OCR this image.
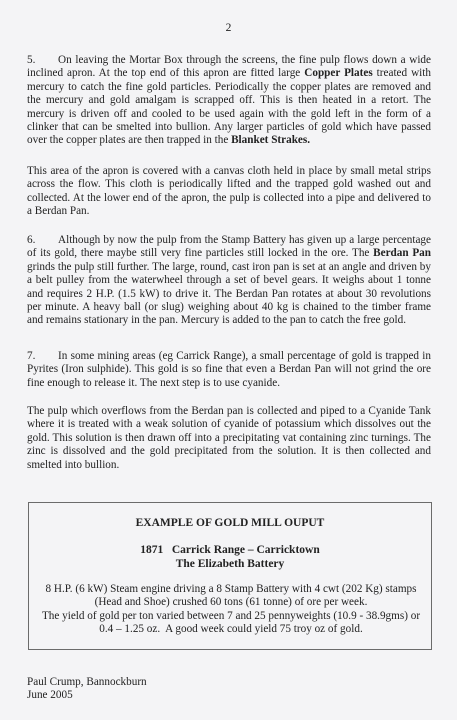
2

5. On leaving the Mortar Box through the screens, the fine pulp flows down a wide inclined apron. At the top end of this apron are fitted large Copper Plates treated with mercury to catch the fine gold particles. Periodically the copper plates are removed and the mercury and gold amalgam is scrapped off. This is then heated in a retort. The mercury is driven off and cooled to be used again with the gold left in the form of a clinker that can be smelted into bullion. Any larger particles of gold which have passed over the copper plates are then trapped in the Blanket Strakes.

This area of the apron is covered with a canvas cloth held in place by small metal strips across the flow. This cloth is periodically lifted and the trapped gold washed out and collected. At the lower end of the apron, the pulp is collected into a pipe and delivered to a Berdan Pan.

6. Although by now the pulp from the Stamp Battery has given up a large percentage of its gold, there maybe still very fine particles still locked in the ore. The Berdan Pan grinds the pulp still further. The large, round, cast iron pan is set at an angle and driven by a belt pulley from the waterwheel through a set of bevel gears. It weighs about 1 tonne and requires 2 H.P. (1.5 kW) to drive it. The Berdan Pan rotates at about 30 revolutions per minute. A heavy ball (or slug) weighing about 40 kg is chained to the timber frame and remains stationary in the pan. Mercury is added to the pan to catch the free gold.

7. In some mining areas (eg Carrick Range), a small percentage of gold is trapped in Pyrites (Iron sulphide). This gold is so fine that even a Berdan Pan will not grind the ore fine enough to release it. The next step is to use cyanide.

The pulp which overflows from the Berdan pan is collected and piped to a Cyanide Tank where it is treated with a weak solution of cyanide of potassium which dissolves out the gold. This solution is then drawn off into a precipitating vat containing zinc turnings. The zinc is dissolved and the gold precipitated from the solution. It is then collected and smelted into bullion.

EXAMPLE OF GOLD MILL OUPUT
1871   Carrick Range – Carricktown
The Elizabeth Battery

8 H.P. (6 kW) Steam engine driving a 8 Stamp Battery with 4 cwt (202 Kg) stamps (Head and Shoe) crushed 60 tons (61 tonne) of ore per week.

The yield of gold per ton varied between 7 and 25 pennyweights (10.9 - 38.9gms) or 0.4 – 1.25 oz.  A good week could yield 75 troy oz of gold.

Paul Crump, Bannockburn
June 2005
